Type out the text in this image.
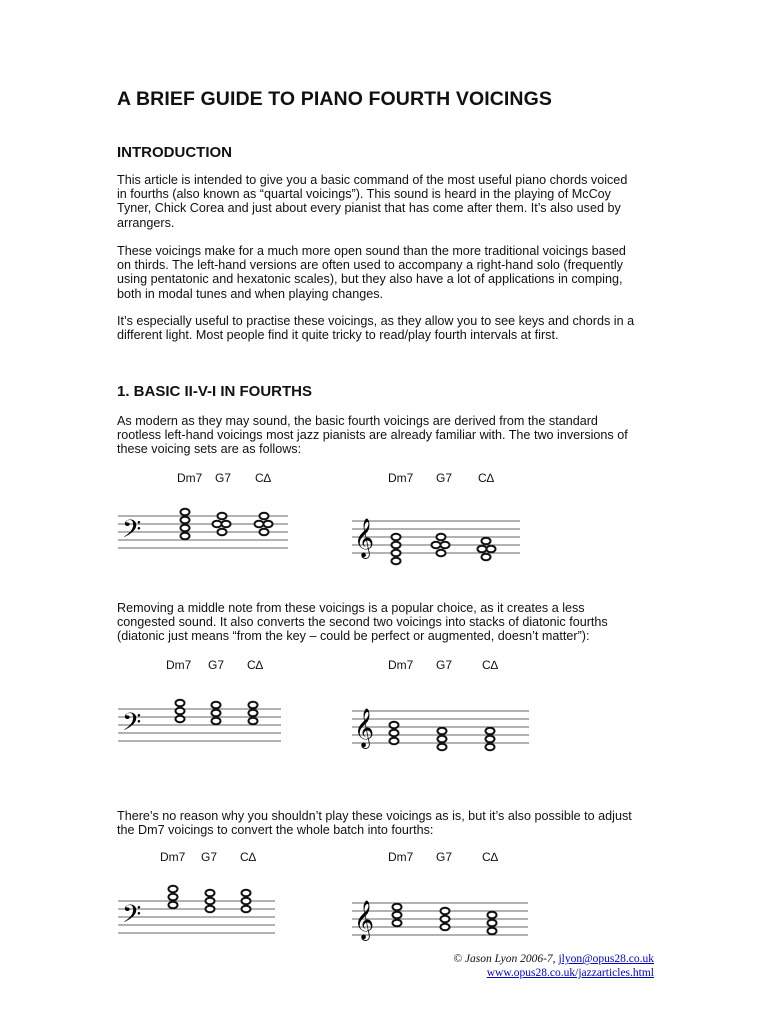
A BRIEF GUIDE TO PIANO FOURTH VOICINGS
INTRODUCTION
This article is intended to give you a basic command of the most useful piano chords voiced
in fourths (also known as “quartal voicings”). This sound is heard in the playing of McCoy
Tyner, Chick Corea and just about every pianist that has come after them. It’s also used by
arrangers.
These voicings make for a much more open sound than the more traditional voicings based
on thirds. The left-hand versions are often used to accompany a right-hand solo (frequently
using pentatonic and hexatonic scales), but they also have a lot of applications in comping,
both in modal tunes and when playing changes.
It’s especially useful to practise these voicings, as they allow you to see keys and chords in a
different light. Most people find it quite tricky to read/play fourth intervals at first.
1. BASIC II-V-I IN FOURTHS
As modern as they may sound, the basic fourth voicings are derived from the standard
rootless left-hand voicings most jazz pianists are already familiar with. The two inversions of
these voicing sets are as follows:
Dm7 G7 C∆	Dm7 G7 C∆
𝄢	𝄞
Removing a middle note from these voicings is a popular choice, as it creates a less
congested sound. It also converts the second two voicings into stacks of diatonic fourths
(diatonic just means “from the key – could be perfect or augmented, doesn’t matter”):
Dm7 G7 C∆	Dm7 G7 C∆
𝄢	𝄞
There’s no reason why you shouldn’t play these voicings as is, but it’s also possible to adjust
the Dm7 voicings to convert the whole batch into fourths:
Dm7 G7 C∆	Dm7 G7 C∆
𝄢	𝄞
© Jason Lyon 2006-7, jlyon@opus28.co.uk
www.opus28.co.uk/jazzarticles.html
